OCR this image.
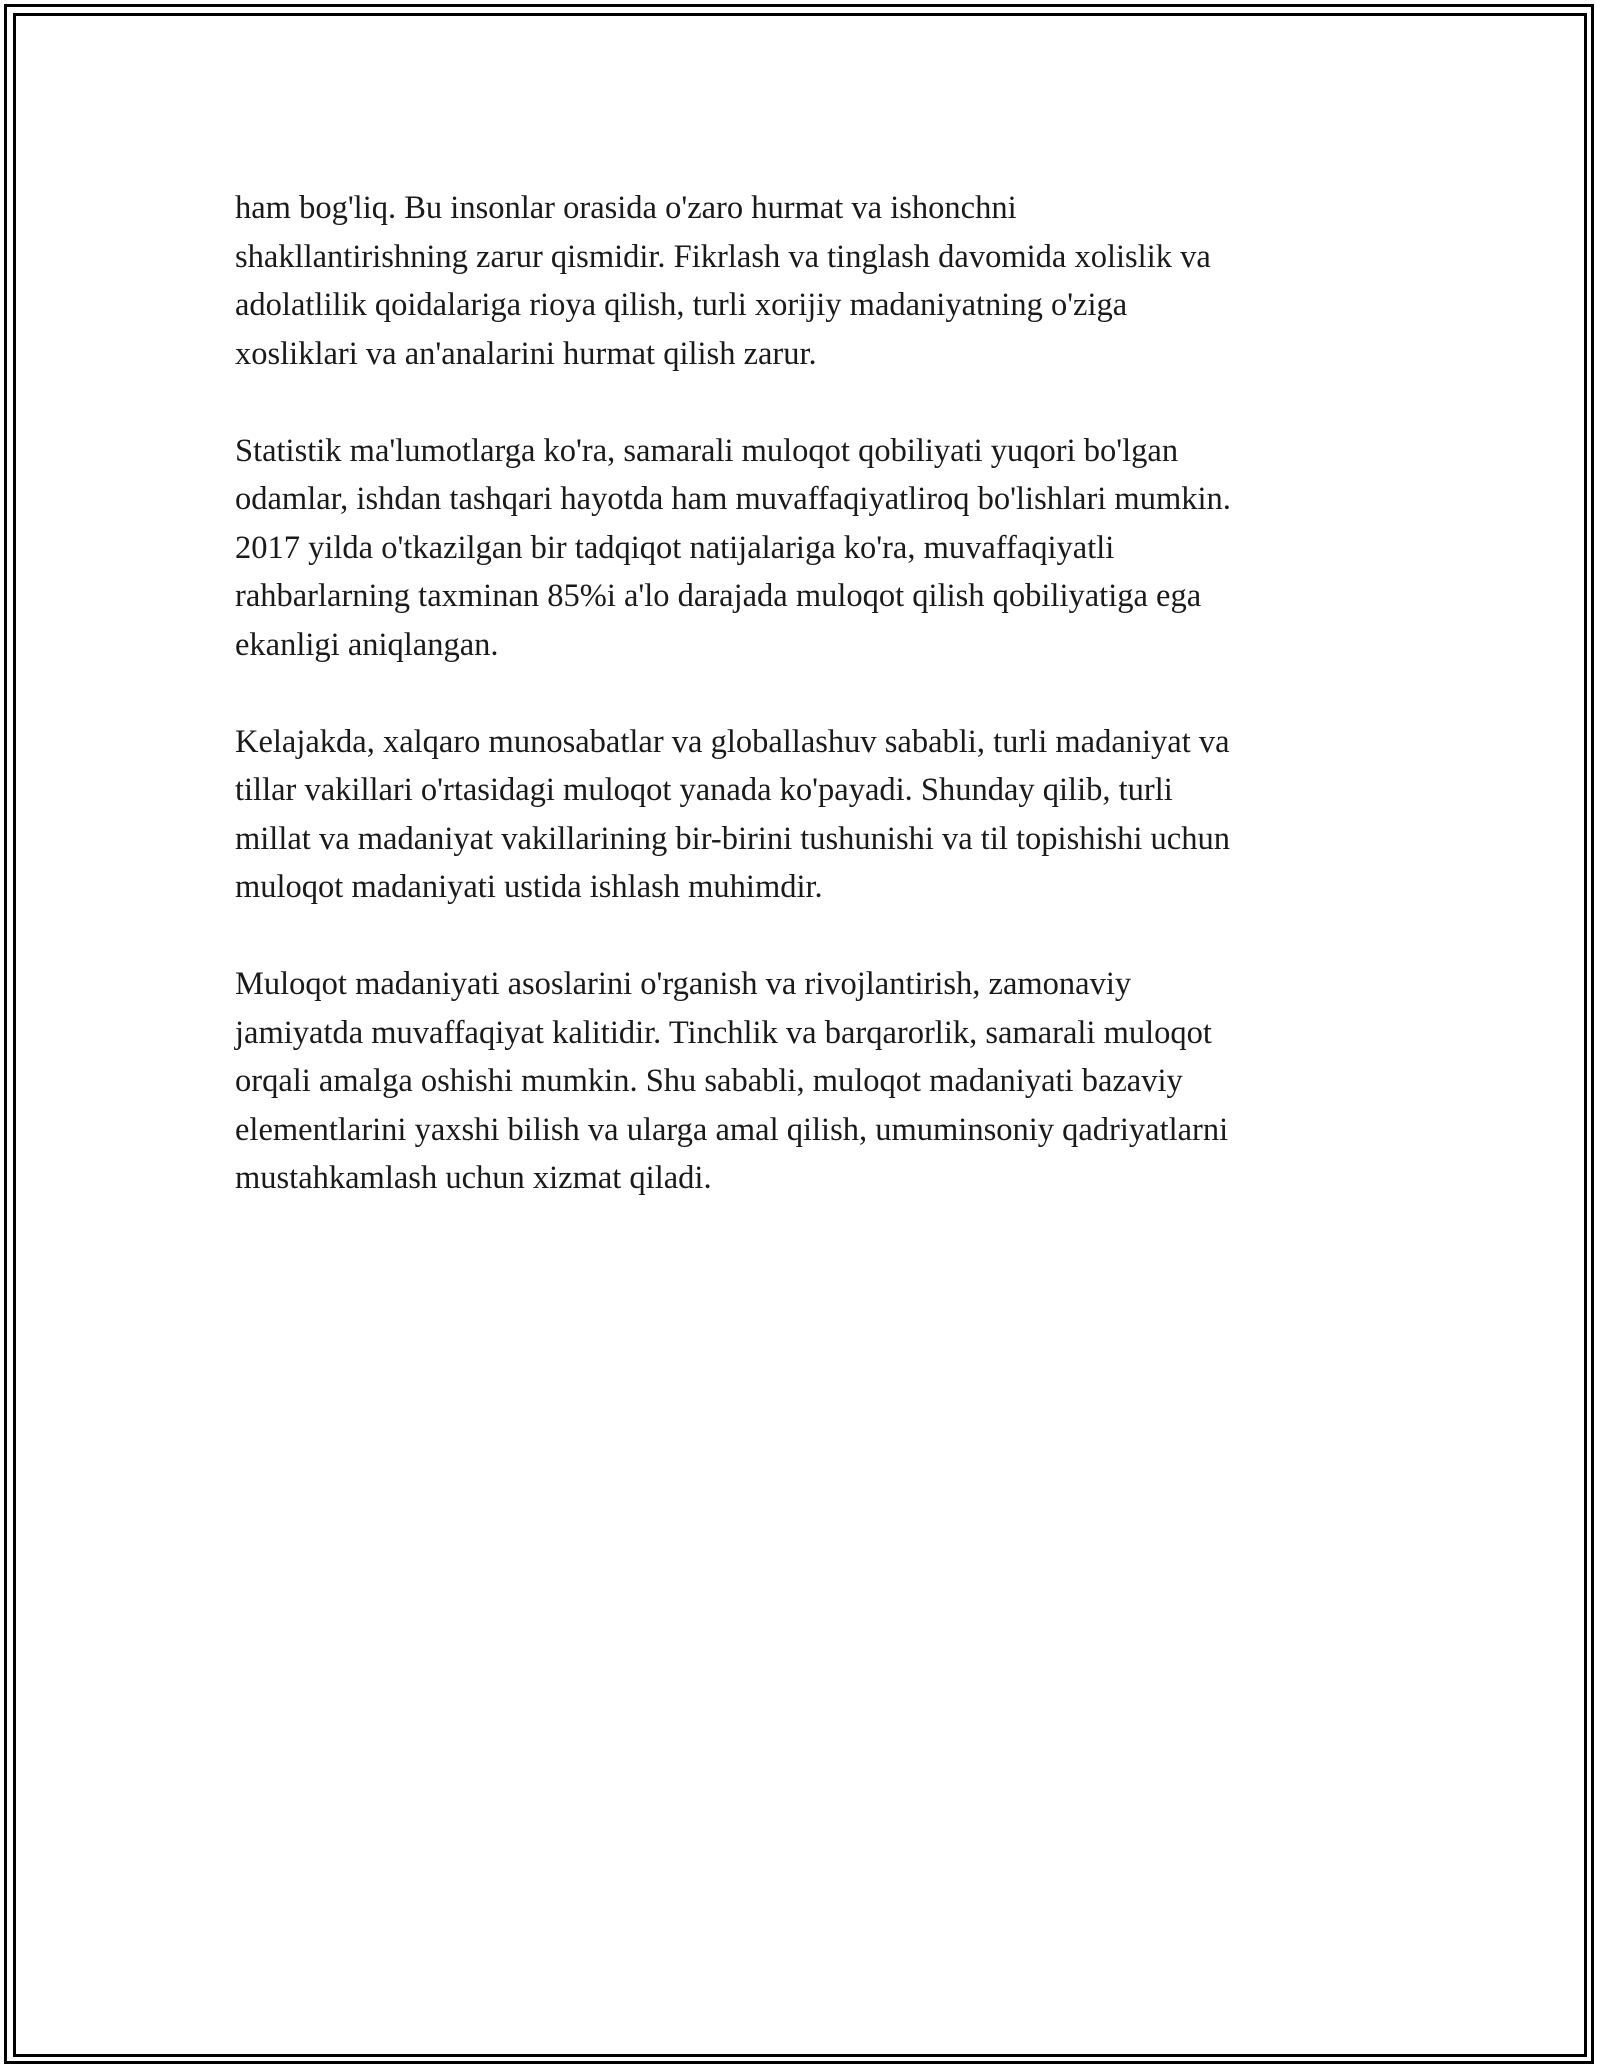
ham bog'liq. Bu insonlar orasida o'zaro hurmat va ishonchni
shakllantirishning zarur qismidir. Fikrlash va tinglash davomida xolislik va
adolatlilik qoidalariga rioya qilish, turli xorijiy madaniyatning o'ziga
xosliklari va an'analarini hurmat qilish zarur.

Statistik ma'lumotlarga ko'ra, samarali muloqot qobiliyati yuqori bo'lgan
odamlar, ishdan tashqari hayotda ham muvaffaqiyatliroq bo'lishlari mumkin.
2017 yilda o'tkazilgan bir tadqiqot natijalariga ko'ra, muvaffaqiyatli
rahbarlarning taxminan 85%i a'lo darajada muloqot qilish qobiliyatiga ega
ekanligi aniqlangan.

Kelajakda, xalqaro munosabatlar va globallashuv sababli, turli madaniyat va
tillar vakillari o'rtasidagi muloqot yanada ko'payadi. Shunday qilib, turli
millat va madaniyat vakillarining bir-birini tushunishi va til topishishi uchun
muloqot madaniyati ustida ishlash muhimdir.

Muloqot madaniyati asoslarini o'rganish va rivojlantirish, zamonaviy
jamiyatda muvaffaqiyat kalitidir. Tinchlik va barqarorlik, samarali muloqot
orqali amalga oshishi mumkin. Shu sababli, muloqot madaniyati bazaviy
elementlarini yaxshi bilish va ularga amal qilish, umuminsoniy qadriyatlarni
mustahkamlash uchun xizmat qiladi.
